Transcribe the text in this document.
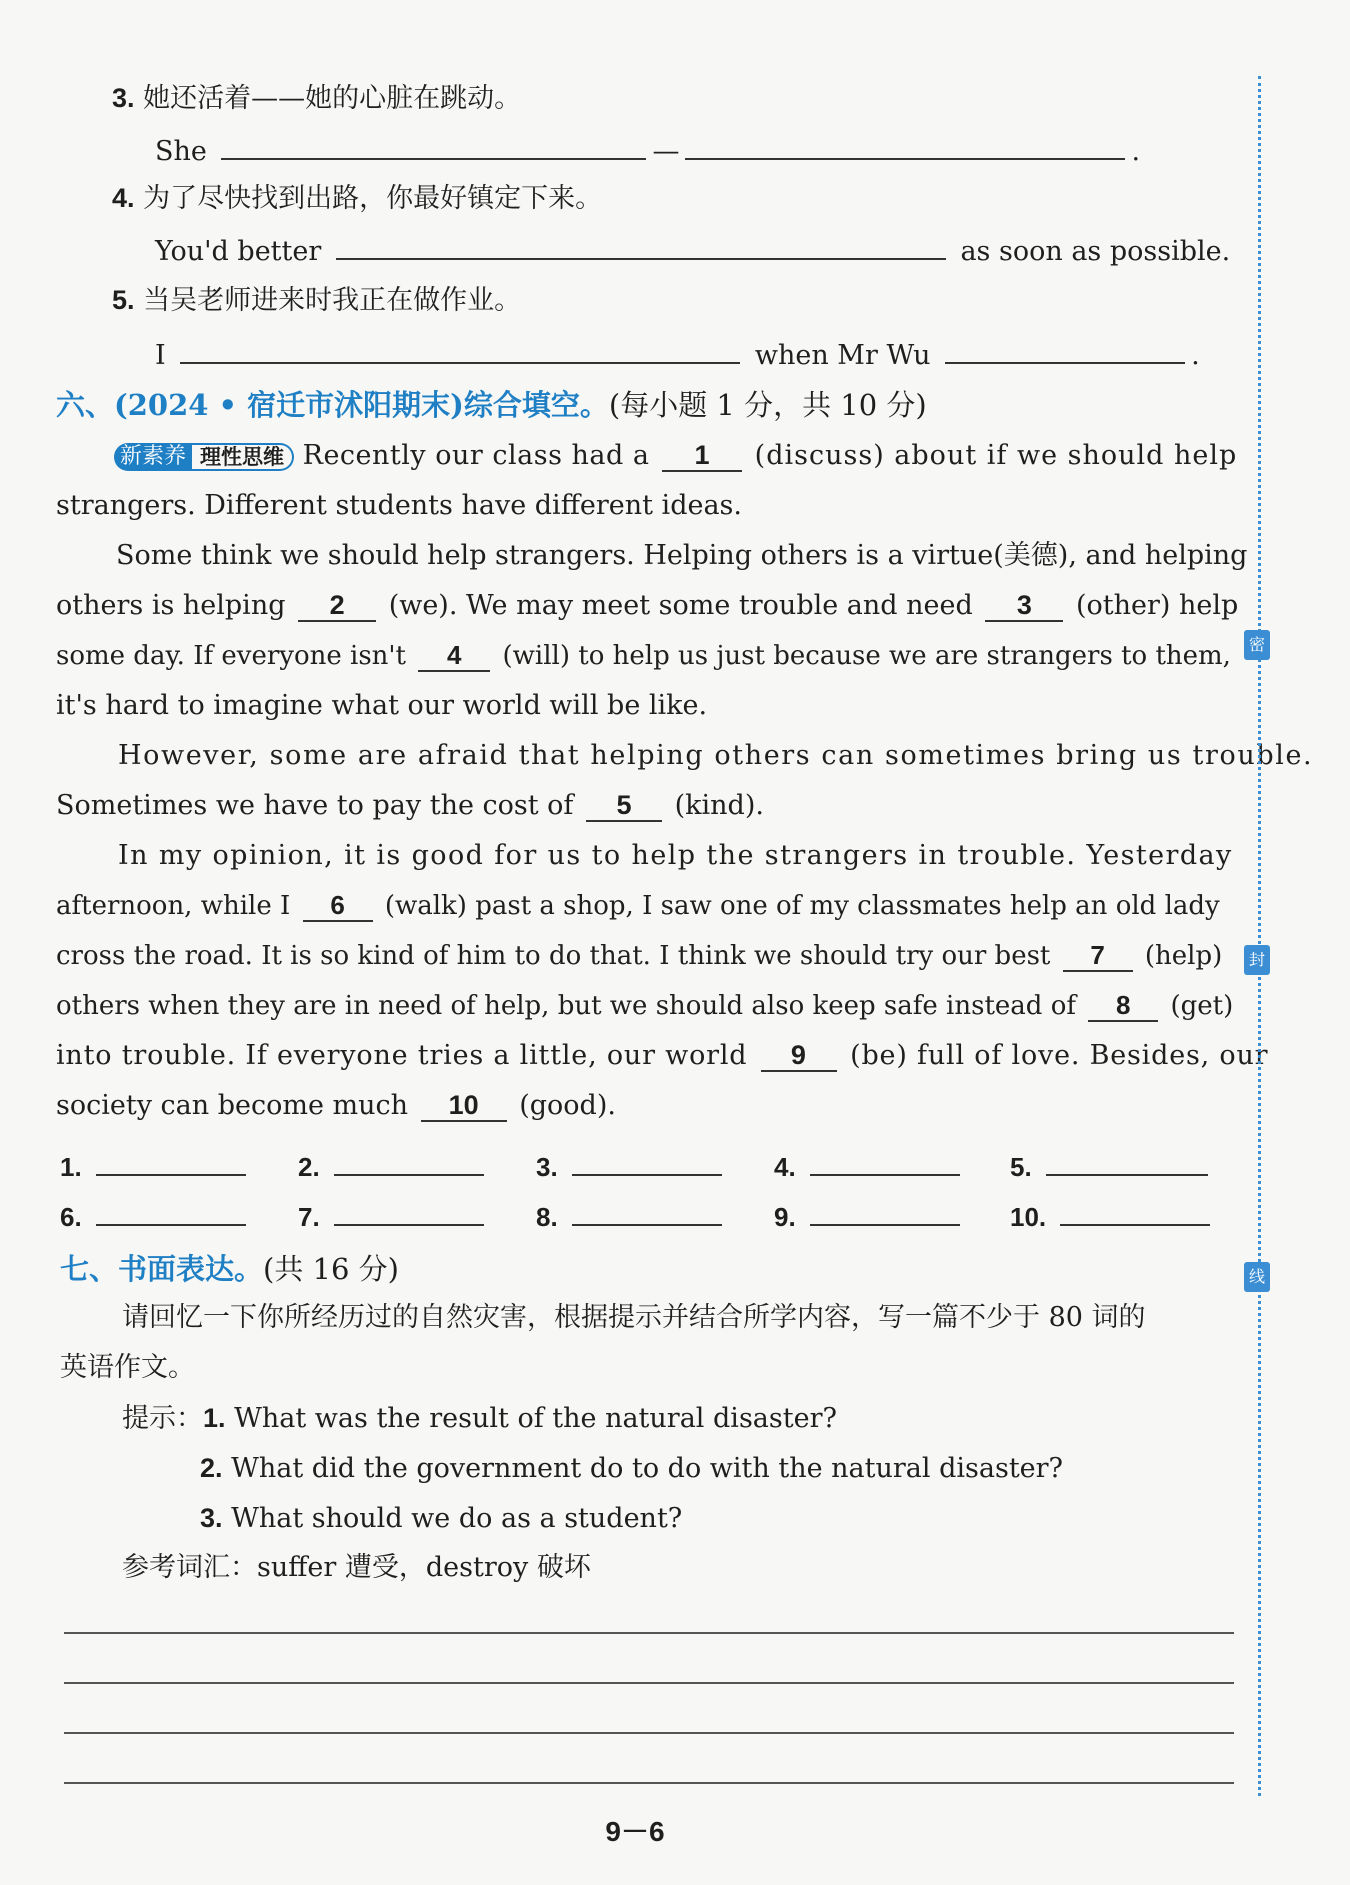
3. 她还活着——她的心脏在跳动。
She	—	.
4. 为了尽快找到出路，你最好镇定下来。
You'd better	as soon as possible.
5. 当吴老师进来时我正在做作业。
I	when Mr Wu	.
六、(2024 • 宿迁市沭阳期末)综合填空。(每小题 1 分，共 10 分)
新素养 理性思维 Recently our class had a 1 (discuss) about if we should help
strangers. Different students have different ideas.
Some think we should help strangers. Helping others is a virtue(美德), and helping
others is helping 2 (we). We may meet some trouble and need 3 (other) help
some day. If everyone isn't 4 (will) to help us just because we are strangers to them,
it's hard to imagine what our world will be like.
However, some are afraid that helping others can sometimes bring us trouble.
Sometimes we have to pay the cost of 5 (kind).
In my opinion, it is good for us to help the strangers in trouble. Yesterday
afternoon, while I 6 (walk) past a shop, I saw one of my classmates help an old lady
cross the road. It is so kind of him to do that. I think we should try our best 7 (help)
others when they are in need of help, but we should also keep safe instead of 8 (get)
into trouble. If everyone tries a little, our world 9 (be) full of love. Besides, our
society can become much 10 (good).
1.	2.	3.	4.	5.
6.	7.	8.	9.	10.
七、书面表达。(共 16 分)
请回忆一下你所经历过的自然灾害，根据提示并结合所学内容，写一篇不少于 80 词的
英语作文。
提示：1. What was the result of the natural disaster?
2. What did the government do to do with the natural disaster?
3. What should we do as a student?
参考词汇：suffer 遭受，destroy 破坏
密
封
线
9－6
